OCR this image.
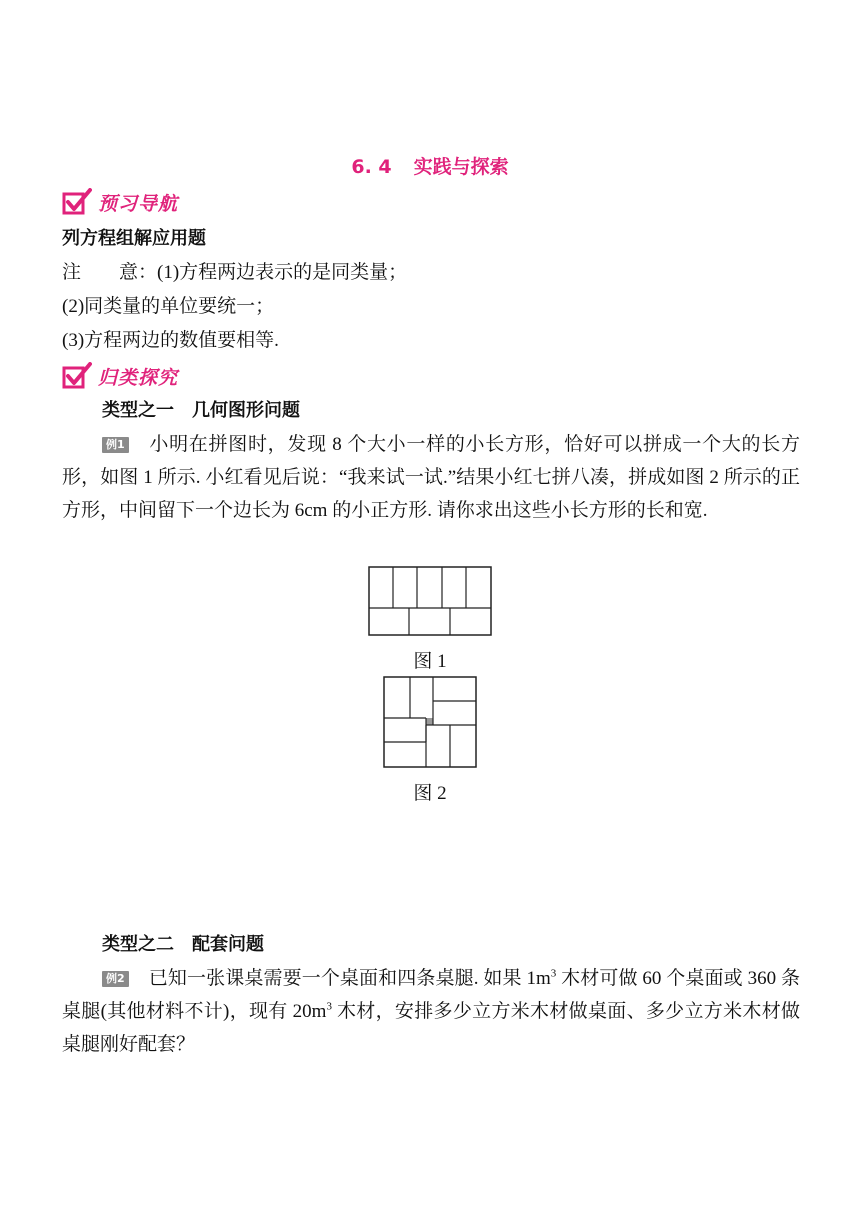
6. 4 实践与探索
预习导航
列方程组解应用题
注　　意：(1)方程两边表示的是同类量；
(2)同类量的单位要统一；
(3)方程两边的数值要相等.
归类探究
类型之一　几何图形问题
例1 小明在拼图时，发现 8 个大小一样的小长方形，恰好可以拼成一个大的长方形，如图 1 所示. 小红看见后说：“我来试一试.”结果小红七拼八凑，拼成如图 2 所示的正方形，中间留下一个边长为 6cm 的小正方形. 请你求出这些小长方形的长和宽.
图 1
图 2
类型之二　配套问题
例2 已知一张课桌需要一个桌面和四条桌腿. 如果 $1m^3$ 木材可做 60 个桌面或 360 条桌腿(其他材料不计)，现有 $20m^3$ 木材，安排多少立方米木材做桌面、多少立方米木材做桌腿刚好配套？
